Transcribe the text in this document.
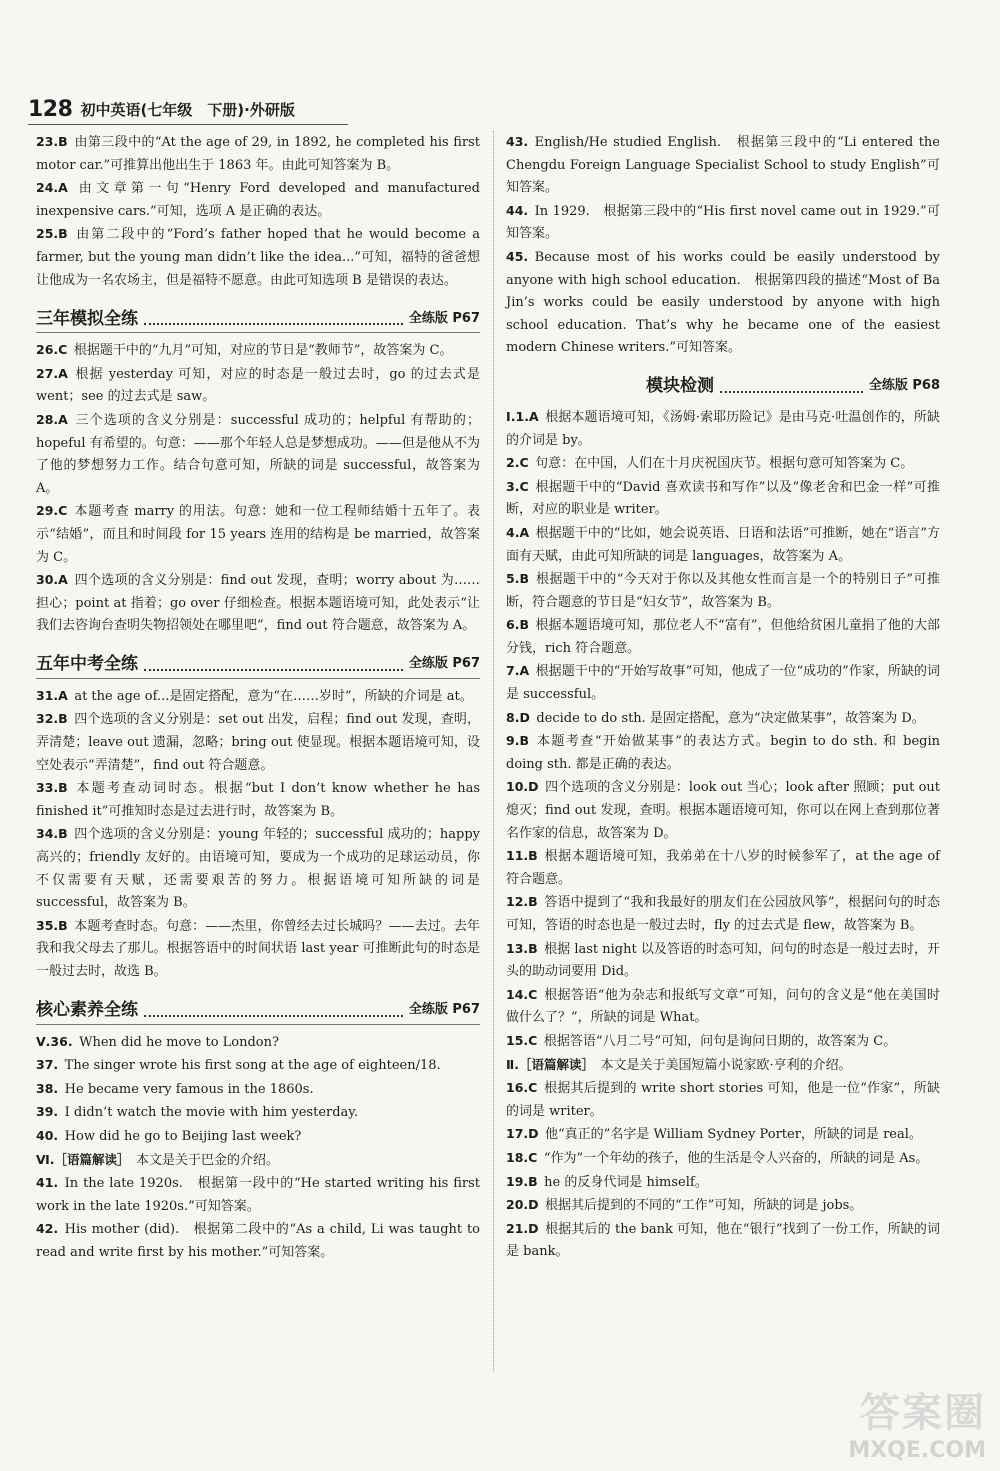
128 初中英语(七年级　下册)·外研版
23.B  由第三段中的“At the age of 29, in 1892, he completed his first motor car.”可推算出他出生于 1863 年。由此可知答案为 B。
24.A  由文章第一句“Henry Ford developed and manufactured inexpensive cars.”可知，选项 A 是正确的表达。
25.B  由第二段中的“Ford’s father hoped that he would become a farmer, but the young man didn’t like the idea...”可知，福特的爸爸想让他成为一名农场主，但是福特不愿意。由此可知选项 B 是错误的表达。
三年模拟全练	全练版 P67
26.C  根据题干中的“九月”可知，对应的节日是“教师节”，故答案为 C。
27.A  根据 yesterday 可知，对应的时态是一般过去时，go 的过去式是 went；see 的过去式是 saw。
28.A  三个选项的含义分别是：successful 成功的；helpful 有帮助的；hopeful 有希望的。句意：——那个年轻人总是梦想成功。——但是他从不为了他的梦想努力工作。结合句意可知，所缺的词是 successful，故答案为 A。
29.C  本题考查 marry 的用法。句意：她和一位工程师结婚十五年了。表示“结婚”，而且和时间段 for 15 years 连用的结构是 be married，故答案为 C。
30.A  四个选项的含义分别是：find out 发现，查明；worry about 为……担心；point at 指着；go over 仔细检查。根据本题语境可知，此处表示“让我们去咨询台查明失物招领处在哪里吧”，find out 符合题意，故答案为 A。
五年中考全练	全练版 P67
31.A  at the age of...是固定搭配，意为“在……岁时”，所缺的介词是 at。
32.B  四个选项的含义分别是：set out 出发，启程；find out 发现，查明，弄清楚；leave out 遗漏，忽略；bring out 使显现。根据本题语境可知，设空处表示“弄清楚”，find out 符合题意。
33.B  本题考查动词时态。根据“but I don’t know whether he has finished it”可推知时态是过去进行时，故答案为 B。
34.B  四个选项的含义分别是：young 年轻的；successful 成功的；happy 高兴的；friendly 友好的。由语境可知，要成为一个成功的足球运动员，你不仅需要有天赋，还需要艰苦的努力。根据语境可知所缺的词是 successful，故答案为 B。
35.B  本题考查时态。句意：——杰里，你曾经去过长城吗？——去过。去年我和我父母去了那儿。根据答语中的时间状语 last year 可推断此句的时态是一般过去时，故选 B。
核心素养全练	全练版 P67
Ⅴ.36.  When did he move to London?
37.  The singer wrote his first song at the age of eighteen/18.
38.  He became very famous in the 1860s.
39.  I didn’t watch the movie with him yesterday.
40.  How did he go to Beijing last week?
Ⅵ.［语篇解读］  本文是关于巴金的介绍。
41.  In the late 1920s.　根据第一段中的“He started writing his first work in the late 1920s.”可知答案。
42.  His mother (did).　根据第二段中的“As a child, Li was taught to read and write first by his mother.”可知答案。
43.  English/He studied English.　根据第三段中的“Li entered the Chengdu Foreign Language Specialist School to study English”可知答案。
44.  In 1929.　根据第三段中的“His first novel came out in 1929.”可知答案。
45.  Because most of his works could be easily understood by anyone with high school education.　根据第四段的描述“Most of Ba Jin’s works could be easily understood by anyone with high school education. That’s why he became one of the easiest modern Chinese writers.”可知答案。
模块检测	全练版 P68
Ⅰ.1.A  根据本题语境可知，《汤姆·索耶历险记》是由马克·吐温创作的，所缺的介词是 by。
2.C  句意：在中国，人们在十月庆祝国庆节。根据句意可知答案为 C。
3.C  根据题干中的“David 喜欢读书和写作”以及“像老舍和巴金一样”可推断，对应的职业是 writer。
4.A  根据题干中的“比如，她会说英语、日语和法语”可推断，她在“语言”方面有天赋，由此可知所缺的词是 languages，故答案为 A。
5.B  根据题干中的“今天对于你以及其他女性而言是一个的特别日子”可推断，符合题意的节日是“妇女节”，故答案为 B。
6.B  根据本题语境可知，那位老人不“富有”，但他给贫困儿童捐了他的大部分钱，rich 符合题意。
7.A  根据题干中的“开始写故事”可知，他成了一位“成功的”作家，所缺的词是 successful。
8.D  decide to do sth. 是固定搭配，意为“决定做某事”，故答案为 D。
9.B  本题考查“开始做某事”的表达方式。begin to do sth. 和 begin doing sth. 都是正确的表达。
10.D  四个选项的含义分别是：look out 当心；look after 照顾；put out 熄灭；find out 发现，查明。根据本题语境可知，你可以在网上查到那位著名作家的信息，故答案为 D。
11.B  根据本题语境可知，我弟弟在十八岁的时候参军了，at the age of 符合题意。
12.B  答语中提到了“我和我最好的朋友们在公园放风筝”，根据问句的时态可知，答语的时态也是一般过去时，fly 的过去式是 flew，故答案为 B。
13.B  根据 last night 以及答语的时态可知，问句的时态是一般过去时，开头的助动词要用 Did。
14.C  根据答语“他为杂志和报纸写文章”可知，问句的含义是“他在美国时做什么了？”，所缺的词是 What。
15.C  根据答语“八月二号”可知，问句是询问日期的，故答案为 C。
Ⅱ.［语篇解读］  本文是关于美国短篇小说家欧·亨利的介绍。
16.C  根据其后提到的 write short stories 可知，他是一位“作家”，所缺的词是 writer。
17.D  他“真正的”名字是 William Sydney Porter，所缺的词是 real。
18.C  “作为”一个年幼的孩子，他的生活是令人兴奋的，所缺的词是 As。
19.B  he 的反身代词是 himself。
20.D  根据其后提到的不同的“工作”可知，所缺的词是 jobs。
21.D  根据其后的 the bank 可知，他在“银行”找到了一份工作，所缺的词是 bank。
答案圈
MXQE.COM
